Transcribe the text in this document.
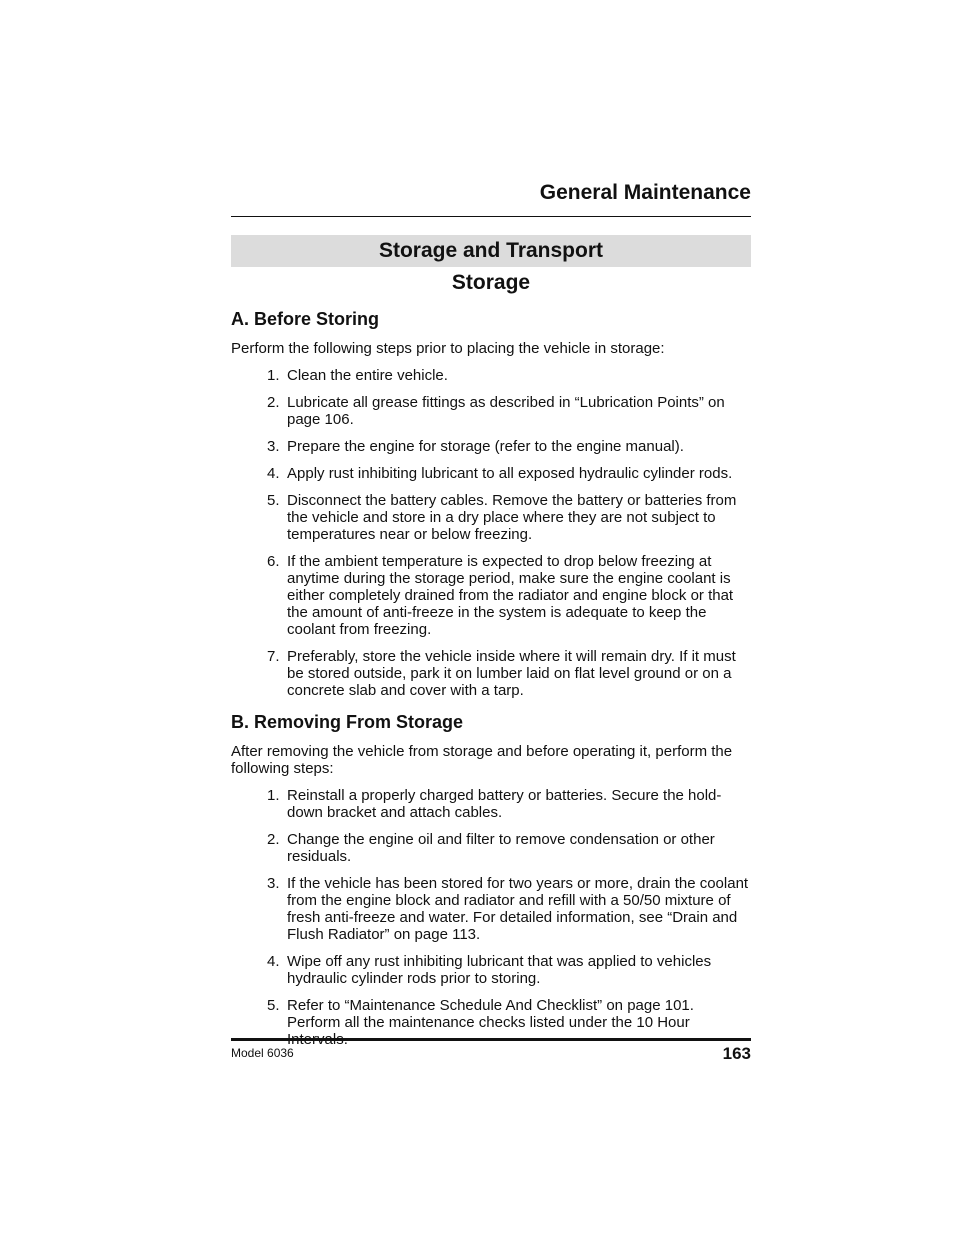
General Maintenance
Storage and Transport
Storage
A. Before Storing

Perform the following steps prior to placing the vehicle in storage:

1. Clean the entire vehicle.
2. Lubricate all grease fittings as described in “Lubrication Points” on page 106.
3. Prepare the engine for storage (refer to the engine manual).
4. Apply rust inhibiting lubricant to all exposed hydraulic cylinder rods.
5. Disconnect the battery cables. Remove the battery or batteries from the vehicle and store in a dry place where they are not subject to temperatures near or below freezing.
6. If the ambient temperature is expected to drop below freezing at anytime during the storage period, make sure the engine coolant is either completely drained from the radiator and engine block or that the amount of anti-freeze in the system is adequate to keep the coolant from freezing.
7. Preferably, store the vehicle inside where it will remain dry. If it must be stored outside, park it on lumber laid on flat level ground or on a concrete slab and cover with a tarp.
B. Removing From Storage

After removing the vehicle from storage and before operating it, perform the following steps:

1. Reinstall a properly charged battery or batteries. Secure the hold-down bracket and attach cables.
2. Change the engine oil and filter to remove condensation or other residuals.
3. If the vehicle has been stored for two years or more, drain the coolant from the engine block and radiator and refill with a 50/50 mixture of fresh anti-freeze and water. For detailed information, see “Drain and Flush Radiator” on page 113.
4. Wipe off any rust inhibiting lubricant that was applied to vehicles hydraulic cylinder rods prior to storing.
5. Refer to “Maintenance Schedule And Checklist” on page 101. Perform all the maintenance checks listed under the 10 Hour Intervals.
Model 6036	163
